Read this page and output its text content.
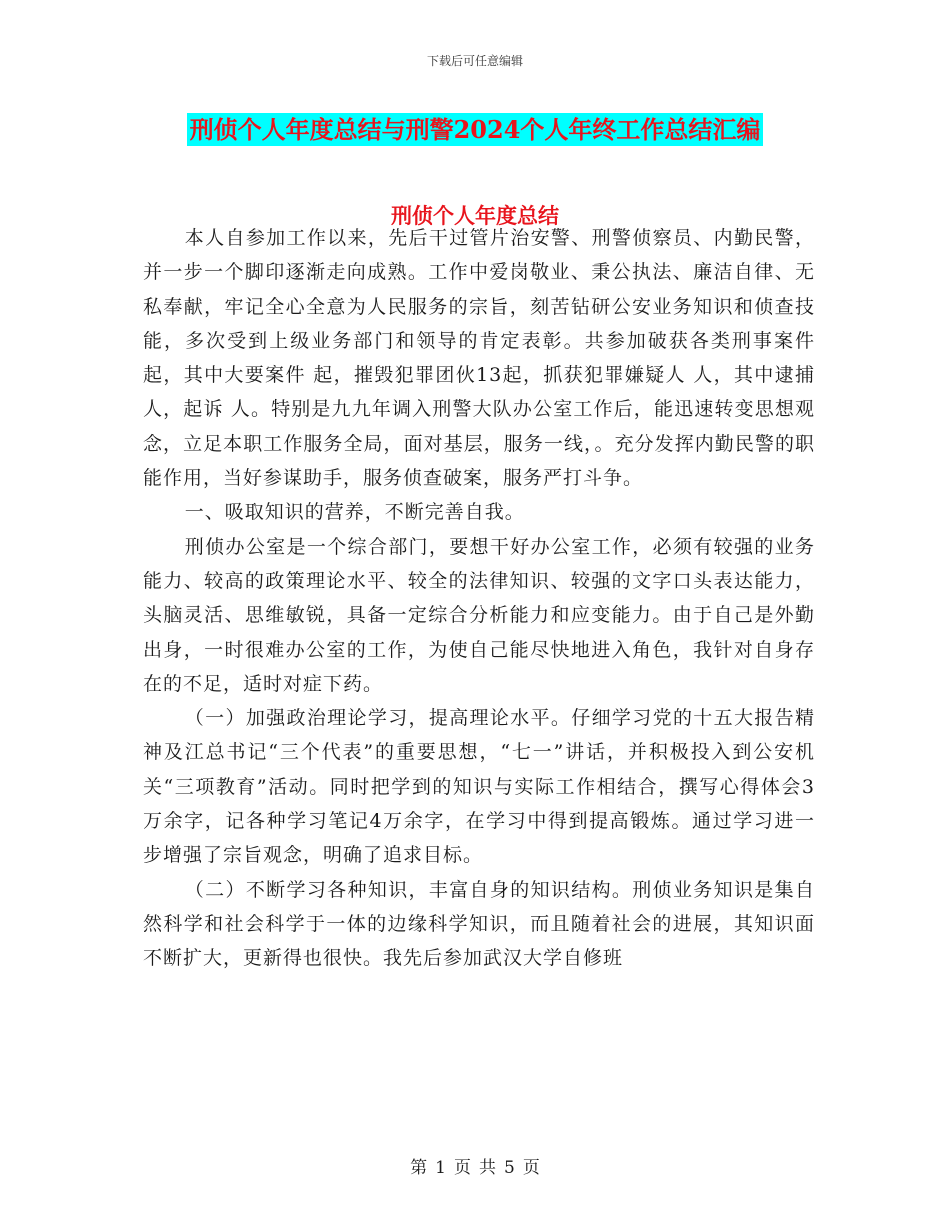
下载后可任意编辑
刑侦个人年度总结与刑警2024个人年终工作总结汇编
刑侦个人年度总结

本人自参加工作以来，先后干过管片治安警、刑警侦察员、内勤民警，并一步一个脚印逐渐走向成熟。工作中爱岗敬业、秉公执法、廉洁自律、无私奉献，牢记全心全意为人民服务的宗旨，刻苦钻研公安业务知识和侦查技能，多次受到上级业务部门和领导的肯定表彰。共参加破获各类刑事案件 起，其中大要案件 起，摧毁犯罪团伙13起，抓获犯罪嫌疑人 人，其中逮捕 人，起诉 人。特别是九九年调入刑警大队办公室工作后，能迅速转变思想观念，立足本职工作服务全局，面对基层，服务一线，。充分发挥内勤民警的职能作用，当好参谋助手，服务侦查破案，服务严打斗争。

一、吸取知识的营养，不断完善自我。

刑侦办公室是一个综合部门，要想干好办公室工作，必须有较强的业务能力、较高的政策理论水平、较全的法律知识、较强的文字口头表达能力，头脑灵活、思维敏锐，具备一定综合分析能力和应变能力。由于自己是外勤出身，一时很难办公室的工作，为使自己能尽快地进入角色，我针对自身存在的不足，适时对症下药。

（一）加强政治理论学习，提高理论水平。仔细学习党的十五大报告精神及江总书记“三个代表”的重要思想，“七一”讲话，并积极投入到公安机关“三项教育”活动。同时把学到的知识与实际工作相结合，撰写心得体会3万余字，记各种学习笔记4万余字，在学习中得到提高锻炼。通过学习进一步增强了宗旨观念，明确了追求目标。

（二）不断学习各种知识，丰富自身的知识结构。刑侦业务知识是集自然科学和社会科学于一体的边缘科学知识，而且随着社会的进展，其知识面不断扩大，更新得也很快。我先后参加武汉大学自修班

第 1 页 共 5 页
